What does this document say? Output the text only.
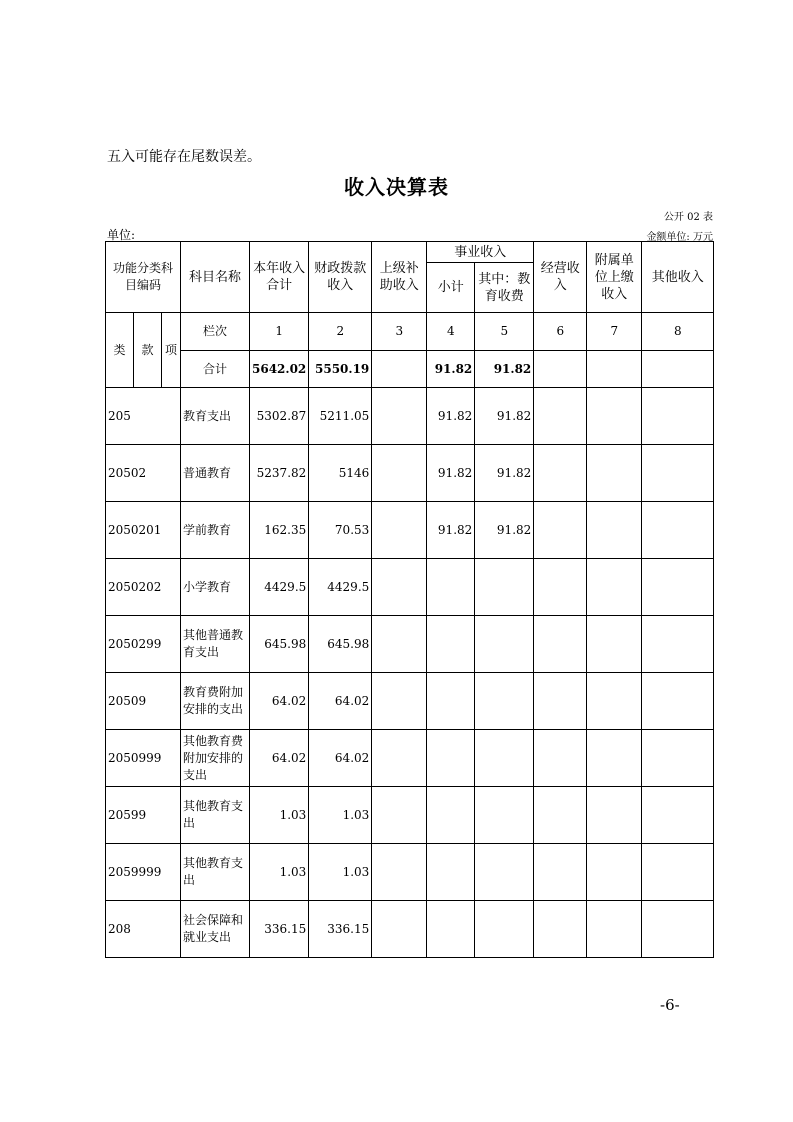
五入可能存在尾数误差。
收入决算表
公开 02 表
单位:	金额单位: 万元
功能分类科目编码			科目名称	本年收入合计	财政拨款收入	上级补助收入	事业收入		经营收入	附属单位上缴收入	其他收入
							小计	其中：教育收费			
类	款	项	栏次	1	2	3	4	5	6	7	8
			合计	5642.02	5550.19		91.82	91.82			
205			教育支出	5302.87	5211.05		91.82	91.82			
20502			普通教育	5237.82	5146		91.82	91.82			
2050201			学前教育	162.35	70.53		91.82	91.82			
2050202			小学教育	4429.5	4429.5						
2050299			其他普通教育支出	645.98	645.98						
20509			教育费附加安排的支出	64.02	64.02						
2050999			其他教育费附加安排的支出	64.02	64.02						
20599			其他教育支出	1.03	1.03						
2059999			其他教育支出	1.03	1.03						
208			社会保障和就业支出	336.15	336.15						
-6-
